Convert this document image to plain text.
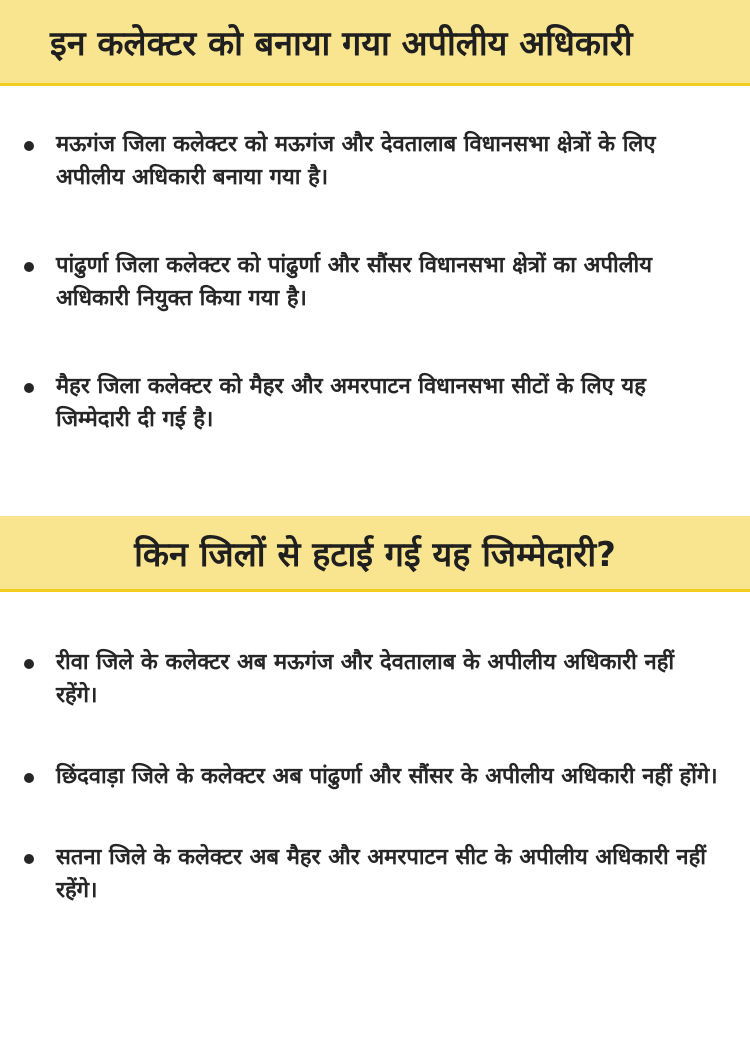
इन कलेक्टर को बनाया गया अपीलीय अधिकारी
मऊगंज जिला कलेक्टर को मऊगंज और देवतालाब विधानसभा क्षेत्रों के लिए अपीलीय अधिकारी बनाया गया है।
पांढुर्णा जिला कलेक्टर को पांढुर्णा और सौंसर विधानसभा क्षेत्रों का अपीलीय अधिकारी नियुक्त किया गया है।
मैहर जिला कलेक्टर को मैहर और अमरपाटन विधानसभा सीटों के लिए यह जिम्मेदारी दी गई है।
किन जिलों से हटाई गई यह जिम्मेदारी?
रीवा जिले के कलेक्टर अब मऊगंज और देवतालाब के अपीलीय अधिकारी नहीं रहेंगे।
छिंदवाड़ा जिले के कलेक्टर अब पांढुर्णा और सौंसर के अपीलीय अधिकारी नहीं होंगे।
सतना जिले के कलेक्टर अब मैहर और अमरपाटन सीट के अपीलीय अधिकारी नहीं रहेंगे।
